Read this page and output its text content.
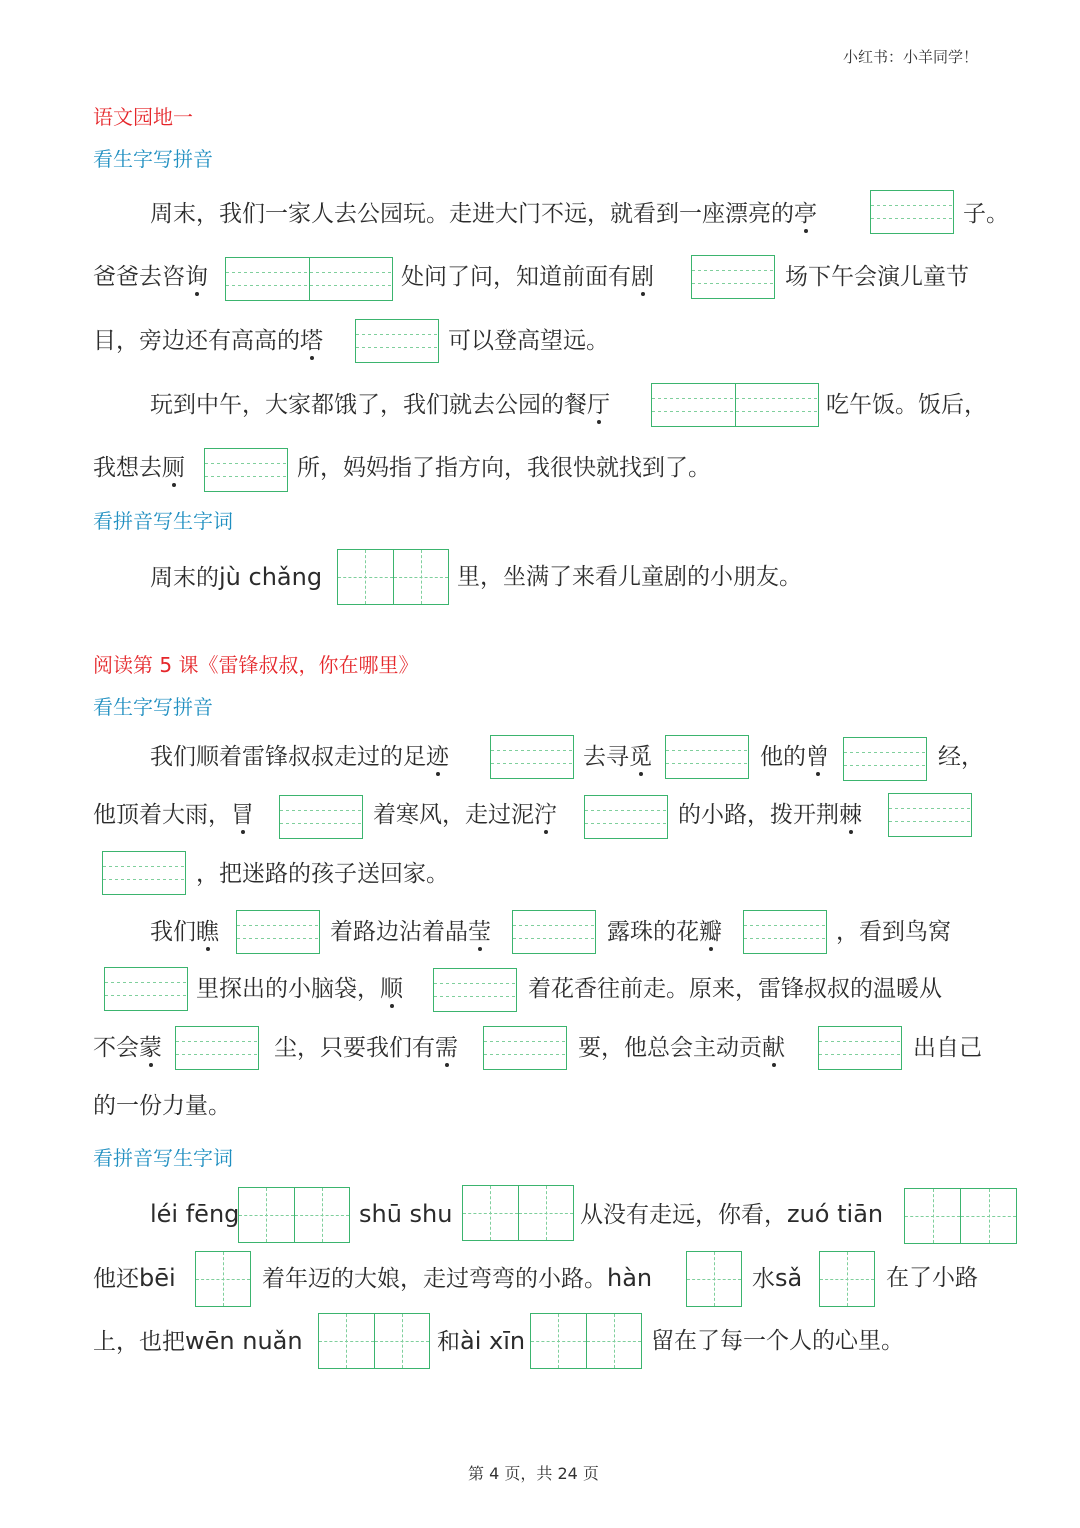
小红书：小羊同学！
语文园地一
看生字写拼音
周末，我们一家人去公园玩。走进大门不远，就看到一座漂亮的亭	子。
爸爸去咨询	处问了问，知道前面有剧	场下午会演儿童节
目，旁边还有高高的塔	可以登高望远。
玩到中午，大家都饿了，我们就去公园的餐厅	吃午饭。饭后，
我想去厕	所，妈妈指了指方向，我很快就找到了。
看拼音写生字词
周末的jù chǎng	里，坐满了来看儿童剧的小朋友。
阅读第 5 课《雷锋叔叔，你在哪里》
看生字写拼音
我们顺着雷锋叔叔走过的足迹	去寻觅	他的曾	经，
他顶着大雨，冒	着寒风，走过泥泞	的小路，拨开荆棘
，把迷路的孩子送回家。
我们瞧	着路边沾着晶莹	露珠的花瓣	，看到鸟窝
里探出的小脑袋，顺	着花香往前走。原来，雷锋叔叔的温暖从
不会蒙	尘，只要我们有需	要，他总会主动贡献	出自己
的一份力量。
看拼音写生字词
léi fēng	shū shu	从没有走远，你看，zuó tiān
他还bēi	着年迈的大娘，走过弯弯的小路。hàn	水sǎ	在了小路
上，也把wēn nuǎn	和ài xīn	留在了每一个人的心里。
第 4 页，共 24 页
